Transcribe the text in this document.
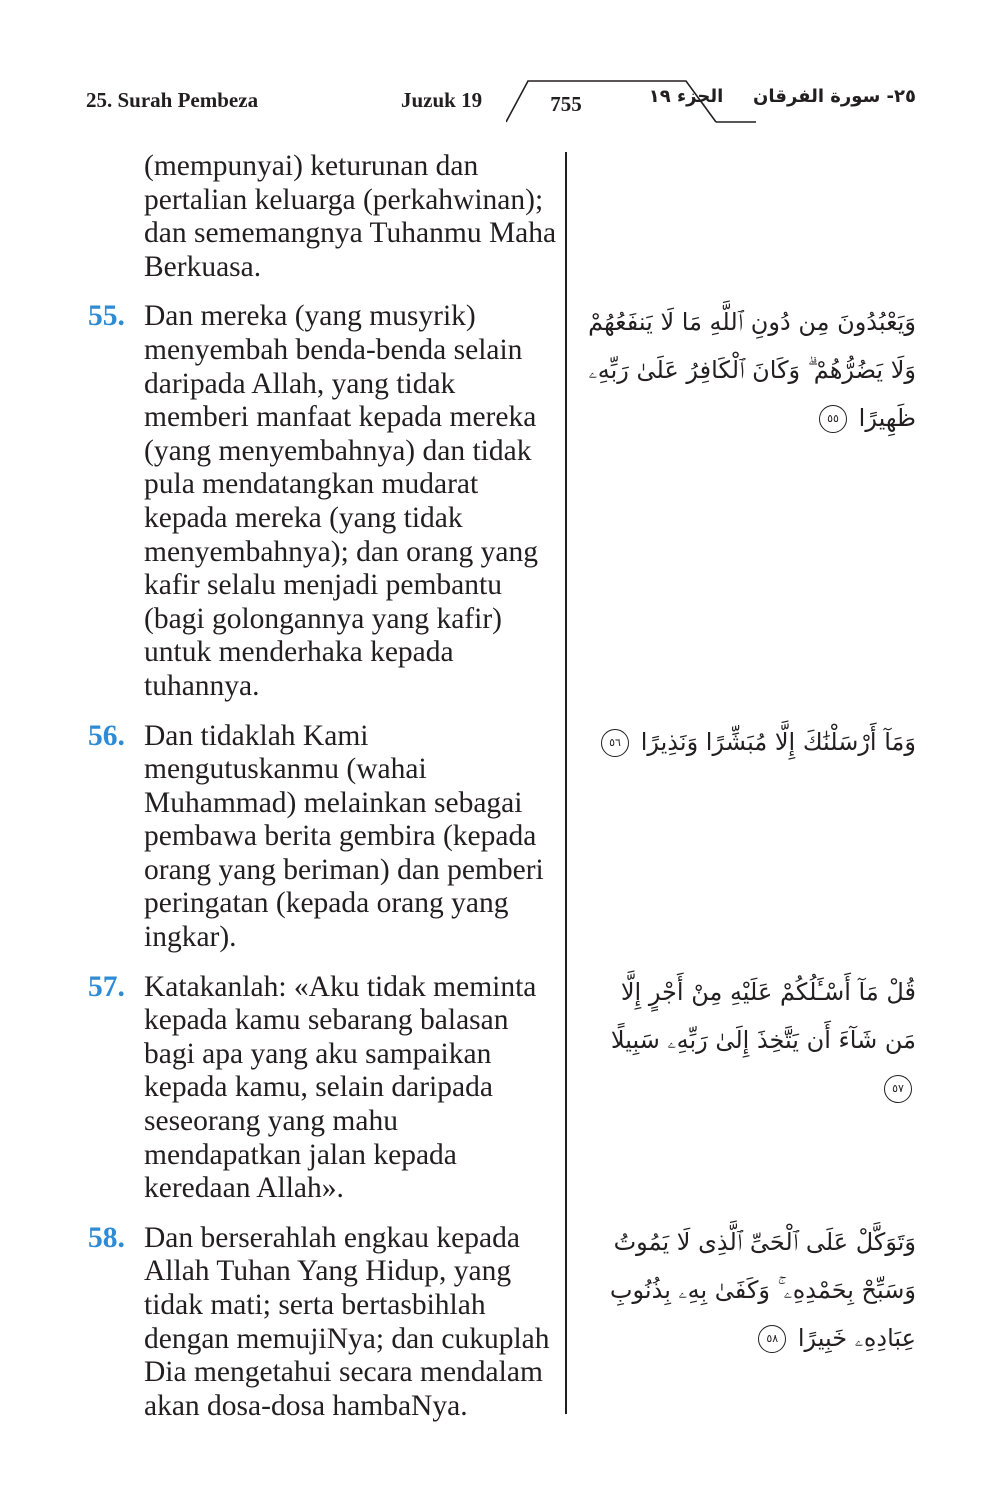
25. Surah Pembeza	Juzuk 19	755	الجزء ١٩	٢٥- سورة الفرقان

(mempunyai) keturunan dan pertalian keluarga (perkahwinan); dan sememangnya Tuhanmu Maha Berkuasa.

55. Dan mereka (yang musyrik) menyembah benda-benda selain daripada Allah, yang tidak memberi manfaat kepada mereka (yang menyembahnya) dan tidak pula mendatangkan mudarat kepada mereka (yang tidak menyembahnya); dan orang yang kafir selalu menjadi pembantu (bagi golongannya yang kafir) untuk menderhaka kepada tuhannya.

56. Dan tidaklah Kami mengutuskanmu (wahai Muhammad) melainkan sebagai pembawa berita gembira (kepada orang yang beriman) dan pemberi peringatan (kepada orang yang ingkar).

57. Katakanlah: «Aku tidak meminta kepada kamu sebarang balasan bagi apa yang aku sampaikan kepada kamu, selain daripada seseorang yang mahu mendapatkan jalan kepada keredaan Allah».

58. Dan berserahlah engkau kepada Allah Tuhan Yang Hidup, yang tidak mati; serta bertasbihlah dengan memujiNya; dan cukuplah Dia mengetahui secara mendalam akan dosa-dosa hambaNya.

وَيَعْبُدُونَ مِن دُونِ ٱللَّهِ مَا لَا يَنفَعُهُمْ وَلَا يَضُرُّهُمْ ۗ وَكَانَ ٱلْكَافِرُ عَلَىٰ رَبِّهِۦ ظَهِيرًا ٥٥
وَمَآ أَرْسَلْنَٰكَ إِلَّا مُبَشِّرًا وَنَذِيرًا ٥٦
قُلْ مَآ أَسْـَٔلُكُمْ عَلَيْهِ مِنْ أَجْرٍ إِلَّا مَن شَآءَ أَن يَتَّخِذَ إِلَىٰ رَبِّهِۦ سَبِيلًا ٥٧
وَتَوَكَّلْ عَلَى ٱلْحَىِّ ٱلَّذِى لَا يَمُوتُ وَسَبِّحْ بِحَمْدِهِۦ ۚ وَكَفَىٰ بِهِۦ بِذُنُوبِ عِبَادِهِۦ خَبِيرًا ٥٨
